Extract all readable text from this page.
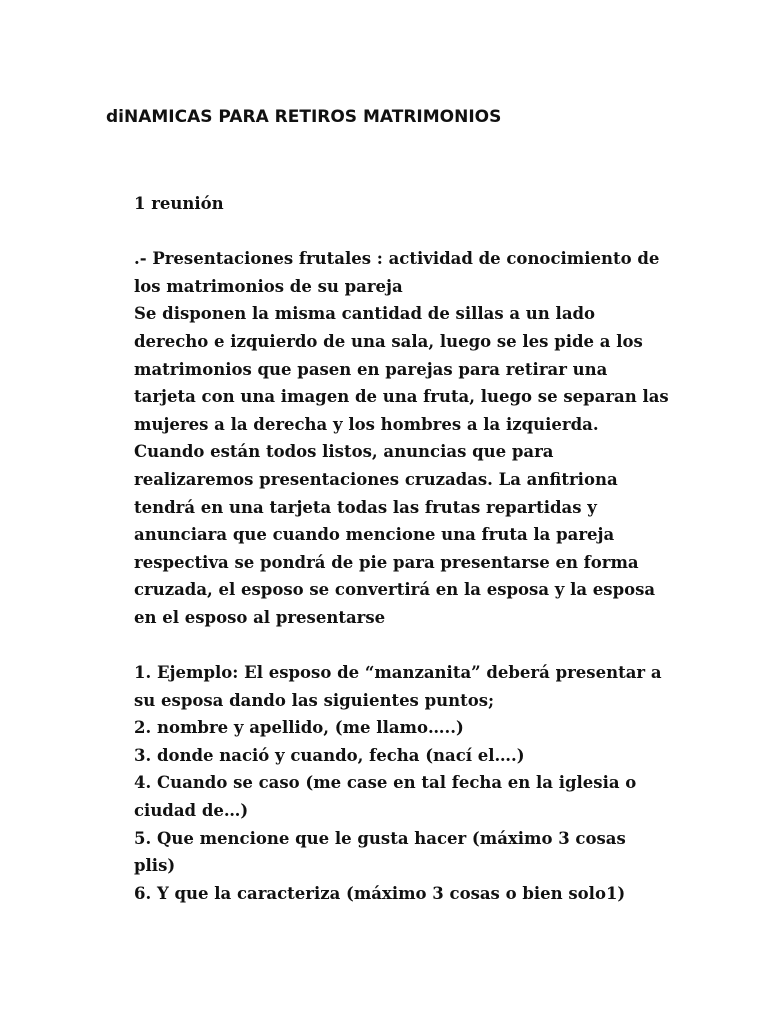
diNAMICAS PARA RETIROS MATRIMONIOS
1 reunión
.- Presentaciones frutales : actividad de conocimiento de
los matrimonios de su pareja
Se disponen la misma cantidad de sillas a un lado
derecho e izquierdo de una sala, luego se les pide a los
matrimonios que pasen en parejas para retirar una
tarjeta con una imagen de una fruta, luego se separan las
mujeres a la derecha y los hombres a la izquierda.
Cuando están todos listos, anuncias que para
realizaremos presentaciones cruzadas. La anfitriona
tendrá en una tarjeta todas las frutas repartidas y
anunciara que cuando mencione una fruta la pareja
respectiva se pondrá de pie para presentarse en forma
cruzada, el esposo se convertirá en la esposa y la esposa
en el esposo al presentarse
1. Ejemplo: El esposo de “manzanita” deberá presentar a
su esposa dando las siguientes puntos;
2. nombre y apellido, (me llamo…..)
3. donde nació y cuando, fecha (nací el….)
4. Cuando se caso (me case en tal fecha en la iglesia o
ciudad de…)
5. Que mencione que le gusta hacer (máximo 3 cosas
plis)
6. Y que la caracteriza (máximo 3 cosas o bien solo1)
